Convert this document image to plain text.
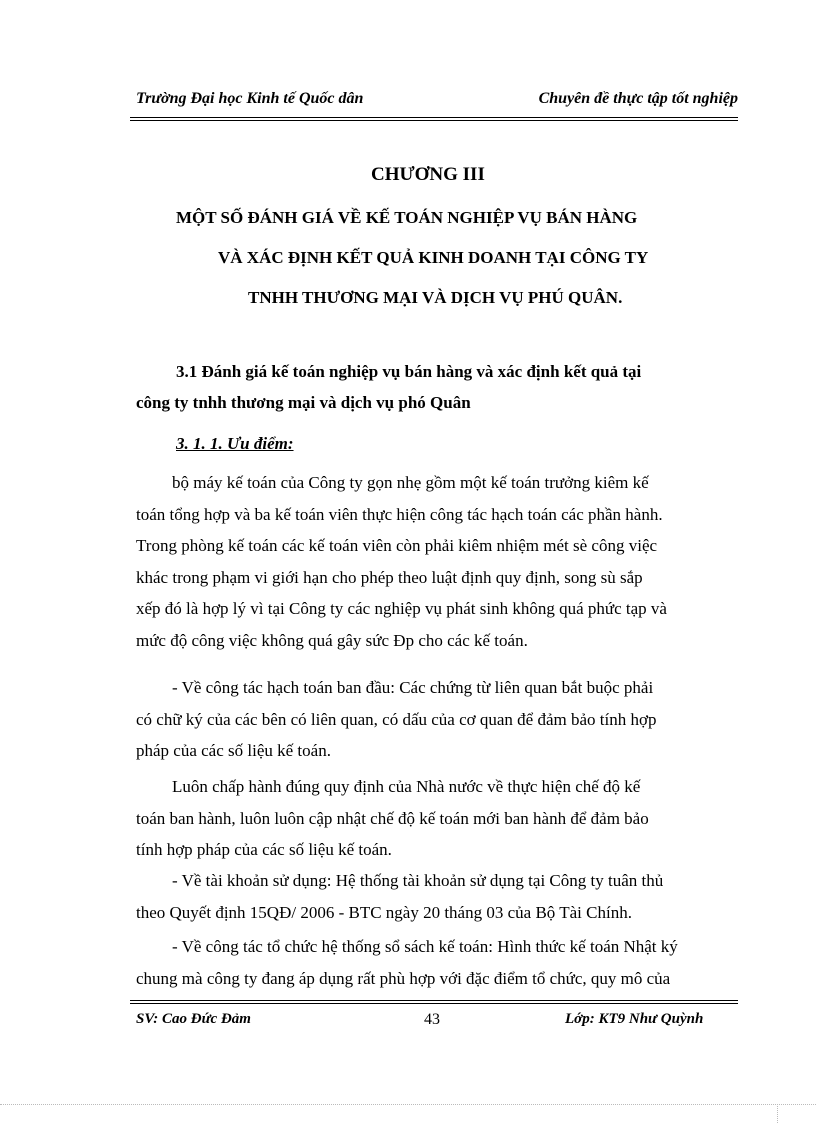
Trường Đại học Kinh tế Quốc dân	Chuyên đề thực tập tốt nghiệp
CHƯƠNG III
MỘT SỐ ĐÁNH GIÁ VỀ KẾ TOÁN NGHIỆP VỤ BÁN HÀNG
VÀ XÁC ĐỊNH KẾT QUẢ KINH DOANH TẠI CÔNG TY
TNHH THƯƠNG MẠI VÀ DỊCH VỤ PHÚ QUÂN.
3.1 Đánh giá kế toán nghiệp vụ bán hàng và xác định kết quả tại
công ty tnhh thương mại và dịch vụ phó Quân
3. 1. 1. Ưu điểm:
bộ máy kế toán của Công ty gọn nhẹ gồm một kế toán trưởng kiêm kế
toán tổng hợp và ba kế toán viên thực hiện công tác hạch toán các phần hành.
Trong phòng kế toán các kế toán viên còn phải kiêm nhiệm mét sè công việc
khác trong phạm vi giới hạn cho phép theo luật định quy định, song sù sắp
xếp đó là hợp lý vì tại Công ty các nghiệp vụ phát sinh không quá phức tạp và
mức độ công việc không quá gây sức Ðp cho các kế toán.
- Về công tác hạch toán ban đầu: Các chứng từ liên quan bắt buộc phải
có chữ ký của các bên có liên quan, có dấu của cơ quan để đảm bảo tính hợp
pháp của các số liệu kế toán.
Luôn chấp hành đúng quy định của Nhà nước về thực hiện chế độ kế
toán ban hành, luôn luôn cập nhật chế độ kế toán mới ban hành để đảm bảo
tính hợp pháp của các số liệu kế toán.
- Về tài khoản sử dụng: Hệ thống tài khoản sử dụng tại Công ty tuân thủ
theo Quyết định 15QĐ/ 2006 - BTC ngày 20 tháng 03 của Bộ Tài Chính.
- Về công tác tổ chức hệ thống sổ sách kế toán: Hình thức kế toán Nhật ký
chung mà công ty đang áp dụng rất phù hợp với đặc điểm tổ chức, quy mô của
SV: Cao Đức Đảm	43	Lớp: KT9 Như Quỳnh
